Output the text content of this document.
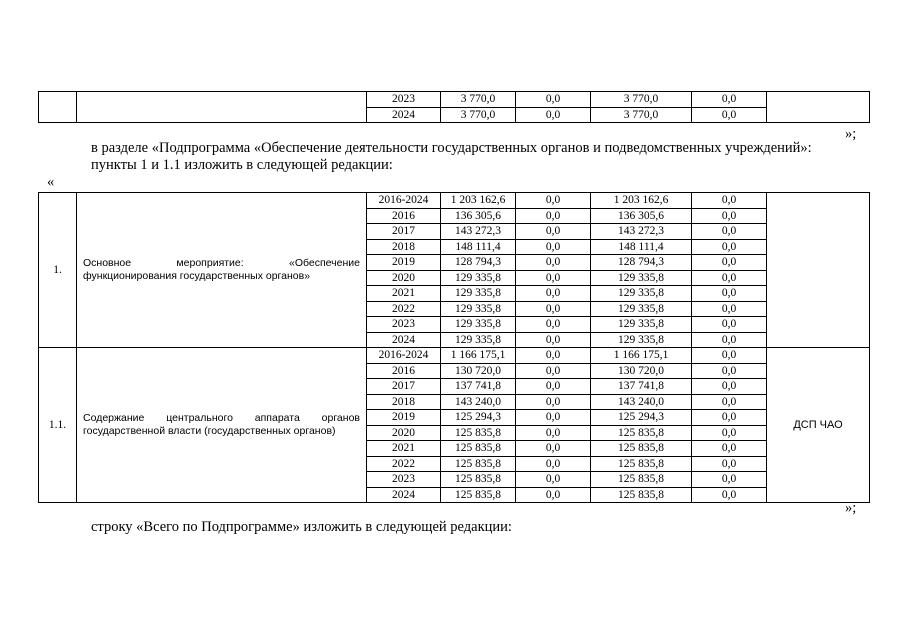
		2023	3 770,0	0,0	3 770,0	0,0	
		2024	3 770,0	0,0	3 770,0	0,0	
»;
в разделе «Подпрограмма «Обеспечение деятельности государственных органов и подведомственных учреждений»:
пункты 1 и 1.1 изложить в следующей редакции:
«
1.	Основное мероприятие: «Обеспечение функционирования государственных органов»	2016-2024	1 203 162,6	0,0	1 203 162,6	0,0	
		2016	136 305,6	0,0	136 305,6	0,0	
		2017	143 272,3	0,0	143 272,3	0,0	
		2018	148 111,4	0,0	148 111,4	0,0	
		2019	128 794,3	0,0	128 794,3	0,0	
		2020	129 335,8	0,0	129 335,8	0,0	
		2021	129 335,8	0,0	129 335,8	0,0	
		2022	129 335,8	0,0	129 335,8	0,0	
		2023	129 335,8	0,0	129 335,8	0,0	
		2024	129 335,8	0,0	129 335,8	0,0	
1.1.	Содержание центрального аппарата органов государственной власти (государственных органов)	2016-2024	1 166 175,1	0,0	1 166 175,1	0,0	ДСП ЧАО
		2016	130 720,0	0,0	130 720,0	0,0	
		2017	137 741,8	0,0	137 741,8	0,0	
		2018	143 240,0	0,0	143 240,0	0,0	
		2019	125 294,3	0,0	125 294,3	0,0	
		2020	125 835,8	0,0	125 835,8	0,0	
		2021	125 835,8	0,0	125 835,8	0,0	
		2022	125 835,8	0,0	125 835,8	0,0	
		2023	125 835,8	0,0	125 835,8	0,0	
		2024	125 835,8	0,0	125 835,8	0,0	
»;
строку «Всего по Подпрограмме» изложить в следующей редакции:
